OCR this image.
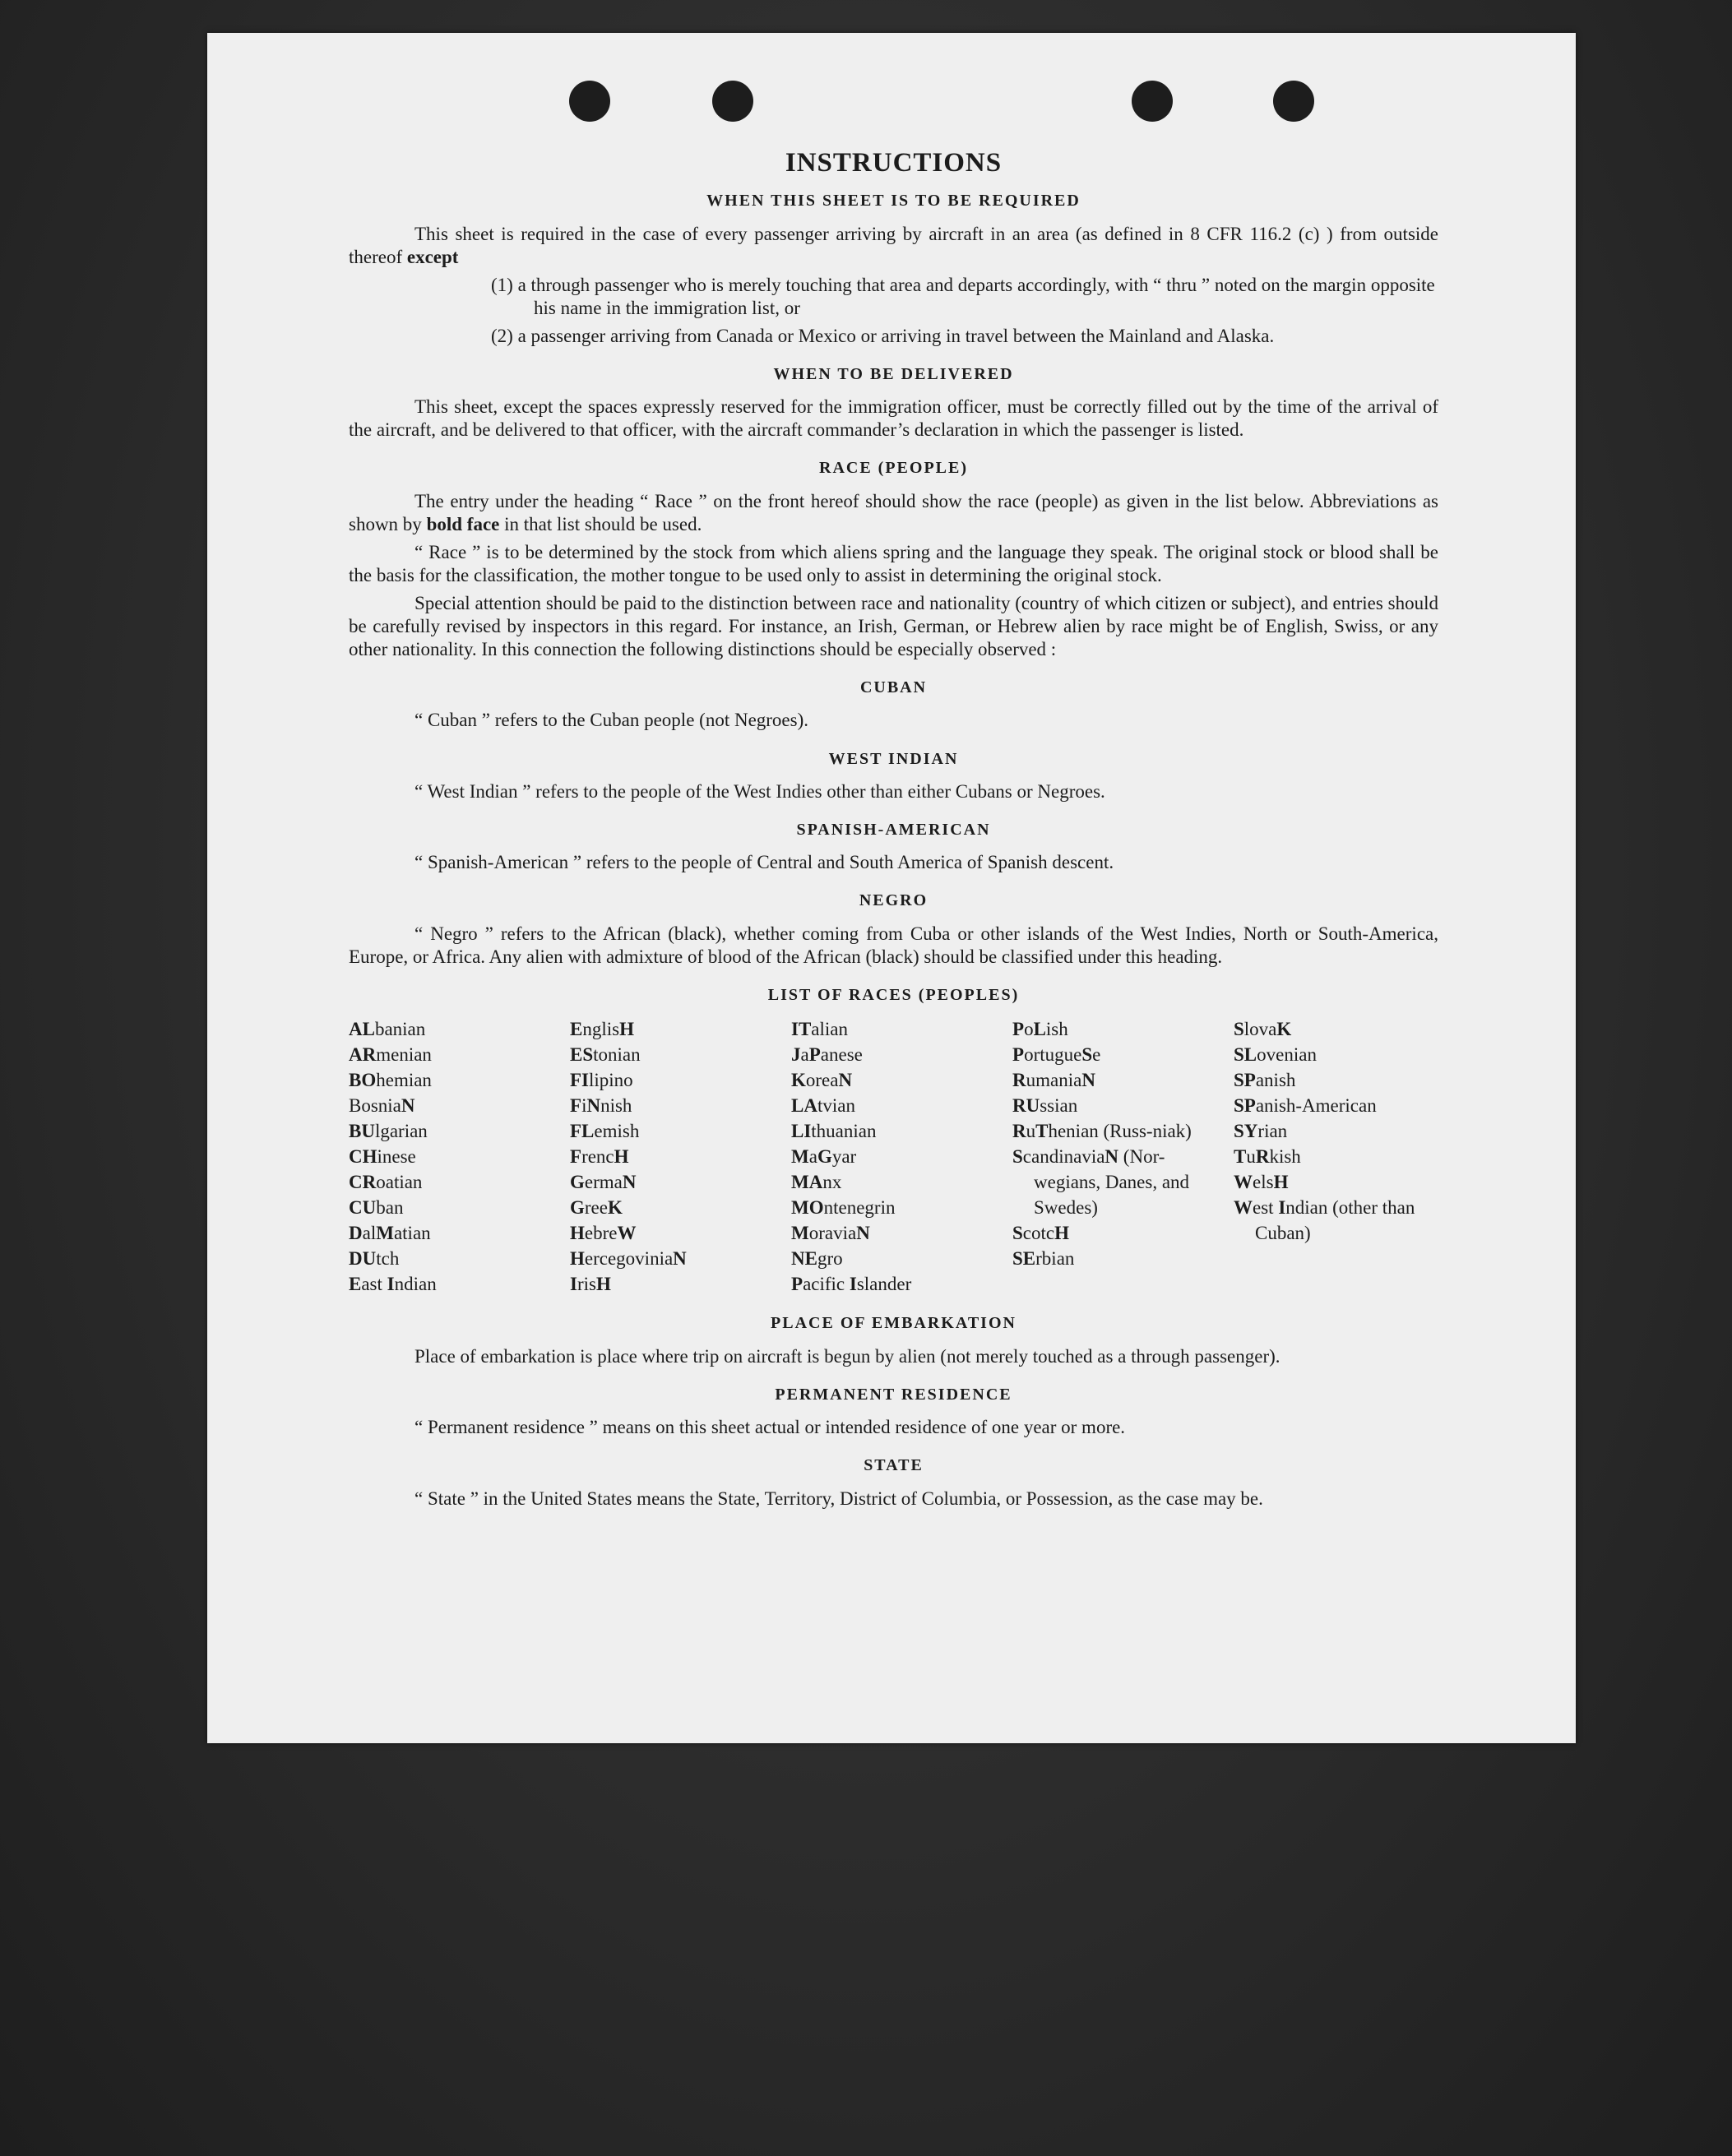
INSTRUCTIONS
WHEN THIS SHEET IS TO BE REQUIRED

This sheet is required in the case of every passenger arriving by aircraft in an area (as defined in 8 CFR 116.2 (c) ) from outside thereof except

(1) a through passenger who is merely touching that area and departs accordingly, with “ thru ” noted on the margin opposite his name in the immigration list, or
(2) a passenger arriving from Canada or Mexico or arriving in travel between the Mainland and Alaska.
WHEN TO BE DELIVERED

This sheet, except the spaces expressly reserved for the immigration officer, must be correctly filled out by the time of the arrival of the aircraft, and be delivered to that officer, with the aircraft commander’s declaration in which the passenger is listed.

RACE (PEOPLE)

The entry under the heading “ Race ” on the front hereof should show the race (people) as given in the list below. Abbreviations as shown by bold face in that list should be used.

“ Race ” is to be determined by the stock from which aliens spring and the language they speak. The original stock or blood shall be the basis for the classification, the mother tongue to be used only to assist in determining the original stock.

Special attention should be paid to the distinction between race and nationality (country of which citizen or subject), and entries should be carefully revised by inspectors in this regard. For instance, an Irish, German, or Hebrew alien by race might be of English, Swiss, or any other nationality. In this connection the following distinctions should be especially observed :

CUBAN

“ Cuban ” refers to the Cuban people (not Negroes).

WEST INDIAN

“ West Indian ” refers to the people of the West Indies other than either Cubans or Negroes.

SPANISH-AMERICAN

“ Spanish-American ” refers to the people of Central and South America of Spanish descent.

NEGRO

“ Negro ” refers to the African (black), whether coming from Cuba or other islands of the West Indies, North or South-America, Europe, or Africa. Any alien with admixture of blood of the African (black) should be classified under this heading.

LIST OF RACES (PEOPLES)
ALbanian
ARmenian
BOhemian
BosniaN
BUlgarian
CHinese
CRoatian
CUban
DalMatian
DUtch
East Indian
EnglisH
EStonian
FIlipino
FiNnish
FLemish
FrencH
GermaN
GreeK
HebreW
HercegoviniaN
IrisH
ITalian
JaPanese
KoreaN
LAtvian
LIthuanian
MaGyar
MAnx
MOntenegrin
MoraviaN
NEgro
Pacific Islander
PoLish
PortugueSe
RumaniaN
RUssian
RuThenian (Russ-niak)
ScandinaviaN (Nor-wegians, Danes, and Swedes)
ScotcH
SErbian
SlovaK
SLovenian
SPanish
SPanish-American
SYrian
TuRkish
WelsH
West Indian (other than Cuban)
PLACE OF EMBARKATION

Place of embarkation is place where trip on aircraft is begun by alien (not merely touched as a through passenger).

PERMANENT RESIDENCE

“ Permanent residence ” means on this sheet actual or intended residence of one year or more.

STATE

“ State ” in the United States means the State, Territory, District of Columbia, or Possession, as the case may be.
